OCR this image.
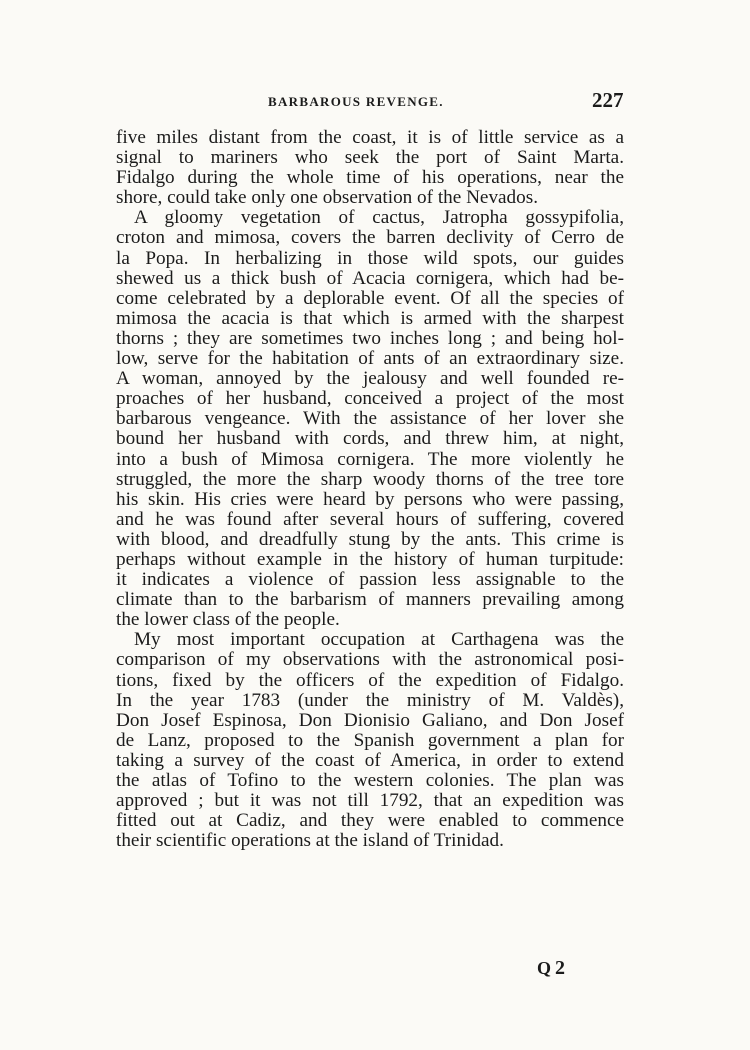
BARBAROUS REVENGE.	227
five miles distant from the coast, it is of little service as a
signal to mariners who seek the port of Saint Marta.
Fidalgo during the whole time of his operations, near the
shore, could take only one observation of the Nevados.
A gloomy vegetation of cactus, Jatropha gossypifolia,
croton and mimosa, covers the barren declivity of Cerro de
la Popa. In herbalizing in those wild spots, our guides
shewed us a thick bush of Acacia cornigera, which had be-
come celebrated by a deplorable event. Of all the species of
mimosa the acacia is that which is armed with the sharpest
thorns ; they are sometimes two inches long ; and being hol-
low, serve for the habitation of ants of an extraordinary size.
A woman, annoyed by the jealousy and well founded re-
proaches of her husband, conceived a project of the most
barbarous vengeance. With the assistance of her lover she
bound her husband with cords, and threw him, at night,
into a bush of Mimosa cornigera. The more violently he
struggled, the more the sharp woody thorns of the tree tore
his skin. His cries were heard by persons who were passing,
and he was found after several hours of suffering, covered
with blood, and dreadfully stung by the ants. This crime is
perhaps without example in the history of human turpitude:
it indicates a violence of passion less assignable to the
climate than to the barbarism of manners prevailing among
the lower class of the people.
My most important occupation at Carthagena was the
comparison of my observations with the astronomical posi-
tions, fixed by the officers of the expedition of Fidalgo.
In the year 1783 (under the ministry of M. Valdès),
Don Josef Espinosa, Don Dionisio Galiano, and Don Josef
de Lanz, proposed to the Spanish government a plan for
taking a survey of the coast of America, in order to extend
the atlas of Tofino to the western colonies. The plan was
approved ; but it was not till 1792, that an expedition was
fitted out at Cadiz, and they were enabled to commence
their scientific operations at the island of Trinidad.
Q 2
